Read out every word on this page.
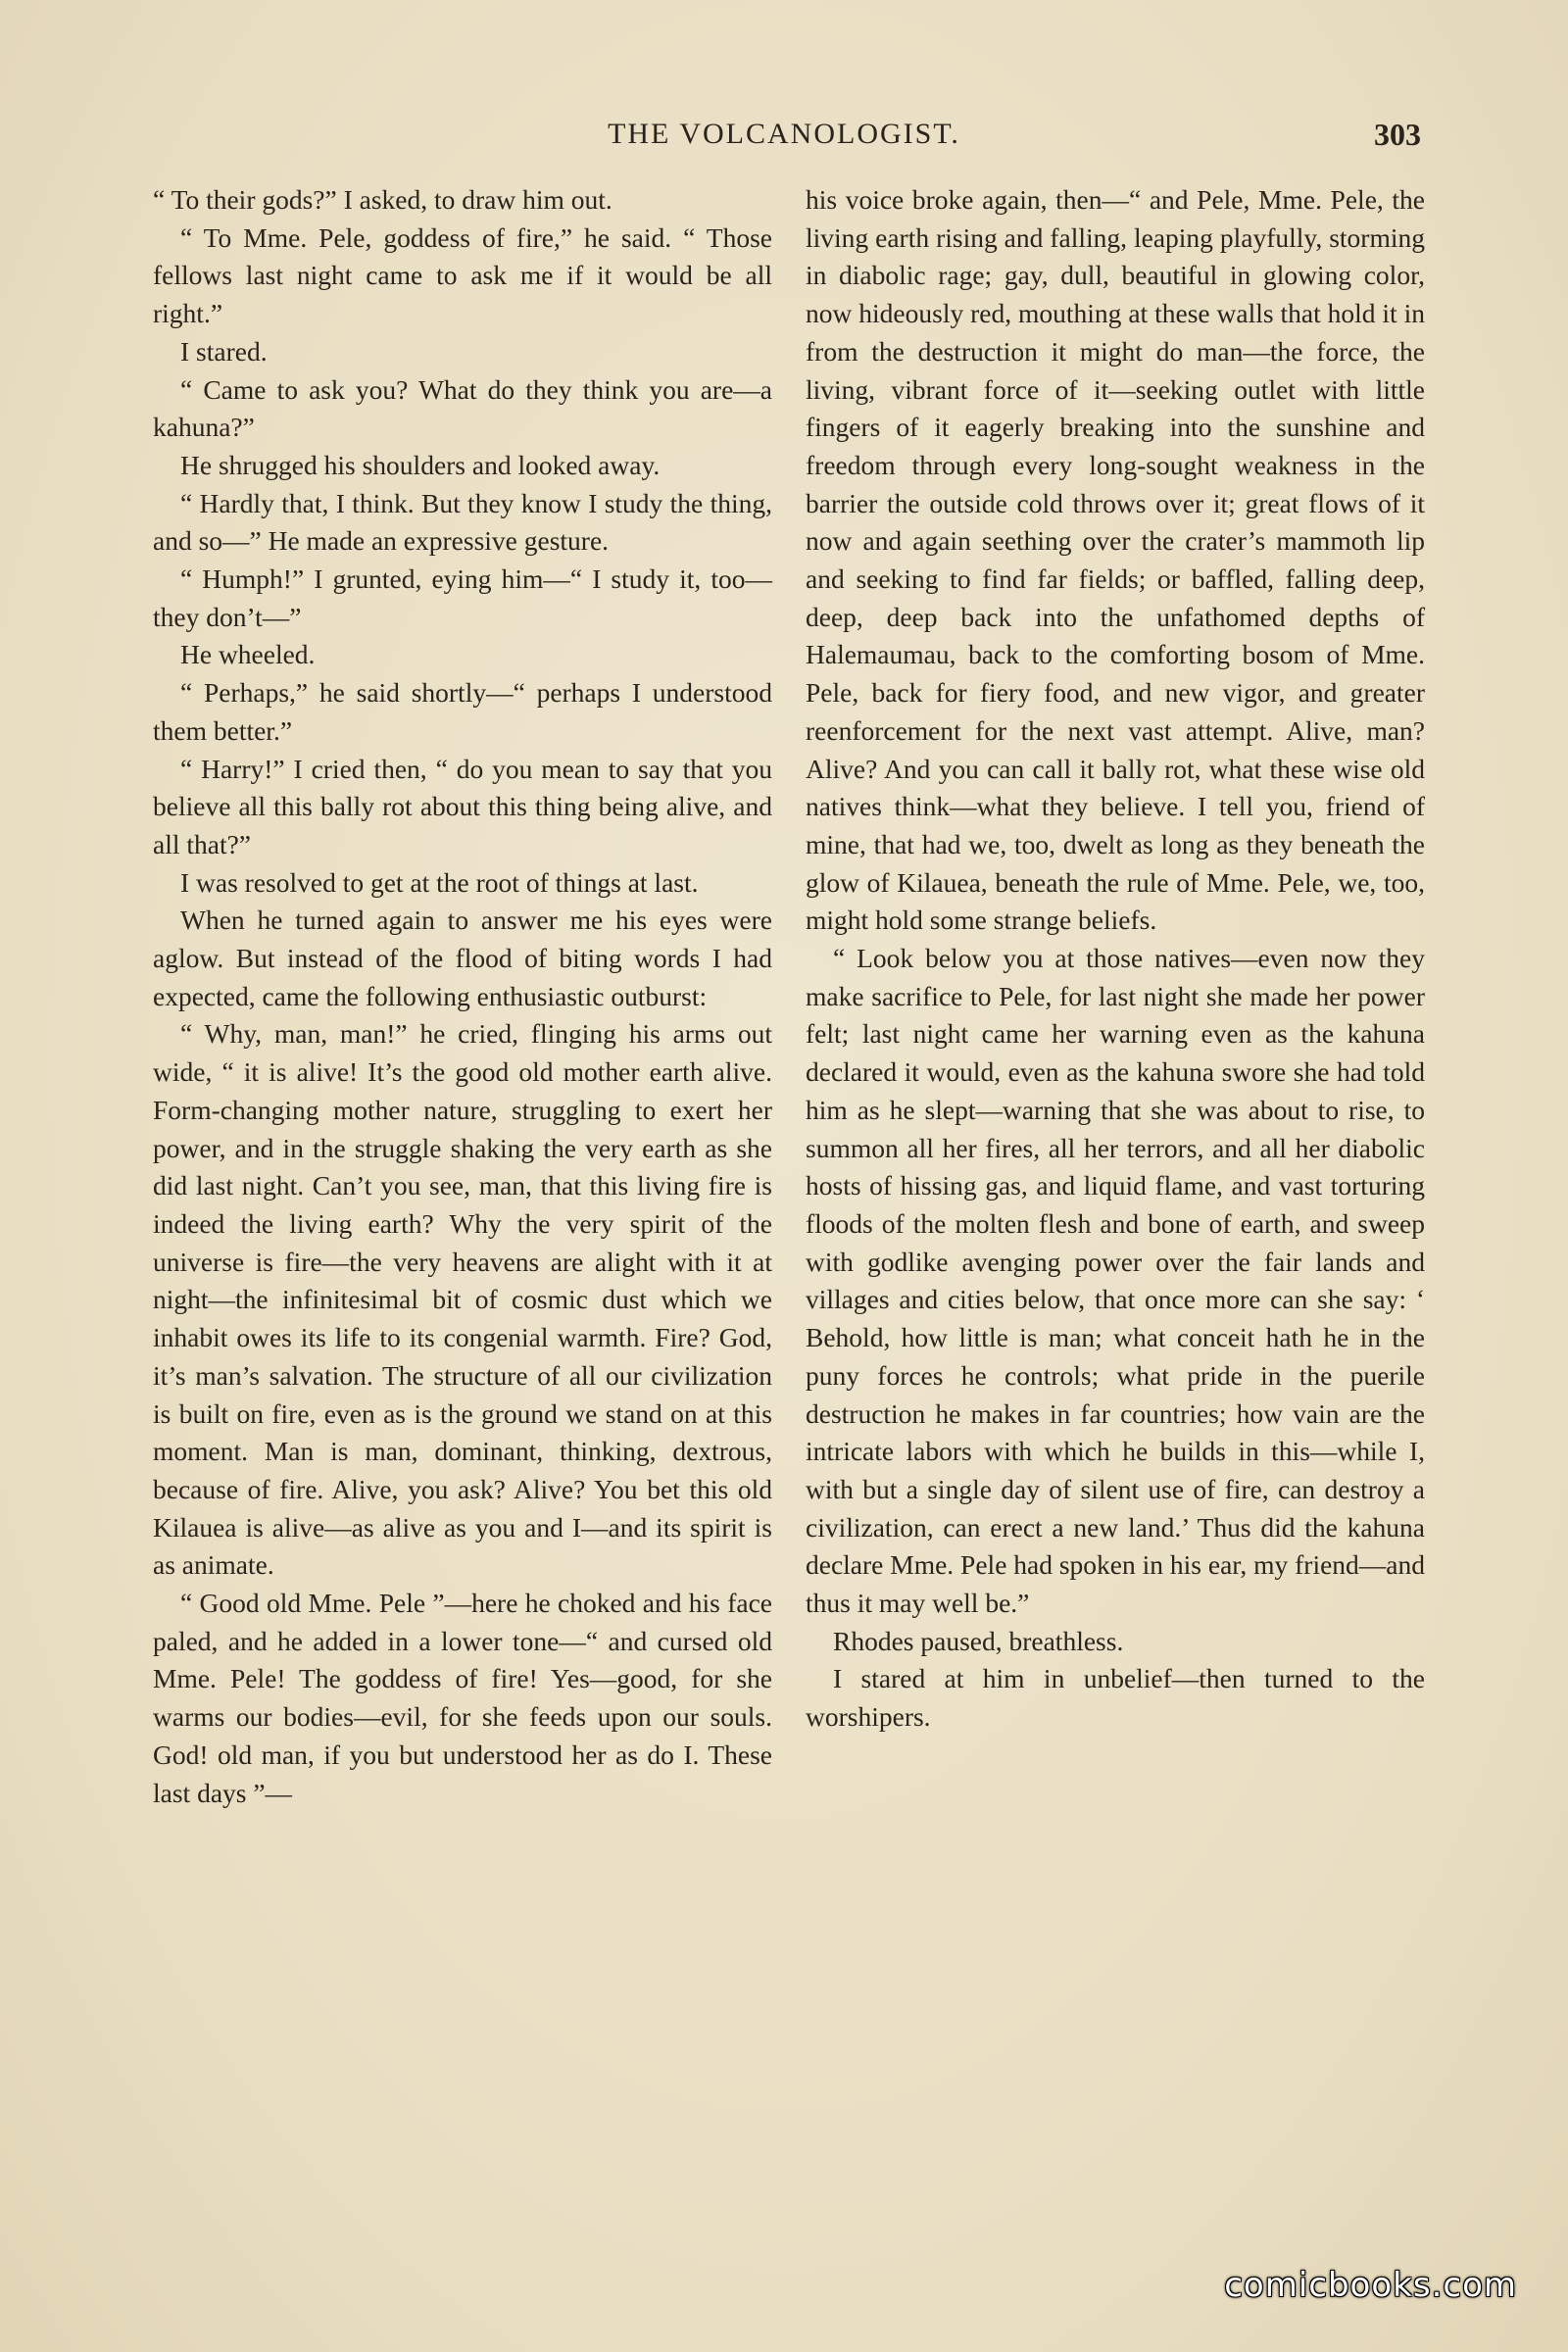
THE VOLCANOLOGIST.	303

“ To their gods?” I asked, to draw him out.

“ To Mme. Pele, goddess of fire,” he said. “ Those fellows last night came to ask me if it would be all right.”

I stared.

“ Came to ask you? What do they think you are—a kahuna?”

He shrugged his shoulders and looked away.

“ Hardly that, I think. But they know I study the thing, and so—” He made an expressive gesture.

“ Humph!” I grunted, eying him—“ I study it, too—they don’t—”

He wheeled.

“ Perhaps,” he said shortly—“ perhaps I understood them better.”

“ Harry!” I cried then, “ do you mean to say that you believe all this bally rot about this thing being alive, and all that?”

I was resolved to get at the root of things at last.

When he turned again to answer me his eyes were aglow. But instead of the flood of biting words I had expected, came the following enthusiastic outburst:

“ Why, man, man!” he cried, flinging his arms out wide, “ it is alive! It’s the good old mother earth alive. Form-changing mother nature, struggling to exert her power, and in the struggle shaking the very earth as she did last night. Can’t you see, man, that this living fire is indeed the living earth? Why the very spirit of the universe is fire—the very heavens are alight with it at night—the infinitesimal bit of cosmic dust which we inhabit owes its life to its congenial warmth. Fire? God, it’s man’s salvation. The structure of all our civilization is built on fire, even as is the ground we stand on at this moment. Man is man, dominant, thinking, dextrous, because of fire. Alive, you ask? Alive? You bet this old Kilauea is alive—as alive as you and I—and its spirit is as animate.

“ Good old Mme. Pele ”—here he choked and his face paled, and he added in a lower tone—“ and cursed old Mme. Pele! The goddess of fire! Yes—good, for she warms our bodies—evil, for she feeds upon our souls. God! old man, if you but understood her as do I. These last days ”—

his voice broke again, then—“ and Pele, Mme. Pele, the living earth rising and falling, leaping playfully, storming in diabolic rage; gay, dull, beautiful in glowing color, now hideously red, mouthing at these walls that hold it in from the destruction it might do man—the force, the living, vibrant force of it—seeking outlet with little fingers of it eagerly breaking into the sunshine and freedom through every long-sought weakness in the barrier the outside cold throws over it; great flows of it now and again seething over the crater’s mammoth lip and seeking to find far fields; or baffled, falling deep, deep, deep back into the unfathomed depths of Halemaumau, back to the comforting bosom of Mme. Pele, back for fiery food, and new vigor, and greater reenforcement for the next vast attempt. Alive, man? Alive? And you can call it bally rot, what these wise old natives think—what they believe. I tell you, friend of mine, that had we, too, dwelt as long as they beneath the glow of Kilauea, beneath the rule of Mme. Pele, we, too, might hold some strange beliefs.

“ Look below you at those natives—even now they make sacrifice to Pele, for last night she made her power felt; last night came her warning even as the kahuna declared it would, even as the kahuna swore she had told him as he slept—warning that she was about to rise, to summon all her fires, all her terrors, and all her diabolic hosts of hissing gas, and liquid flame, and vast torturing floods of the molten flesh and bone of earth, and sweep with godlike avenging power over the fair lands and villages and cities below, that once more can she say: ‘ Behold, how little is man; what conceit hath he in the puny forces he controls; what pride in the puerile destruction he makes in far countries; how vain are the intricate labors with which he builds in this—while I, with but a single day of silent use of fire, can destroy a civilization, can erect a new land.’ Thus did the kahuna declare Mme. Pele had spoken in his ear, my friend—and thus it may well be.”

Rhodes paused, breathless.

I stared at him in unbelief—then turned to the worshipers.

comicbooks.com
